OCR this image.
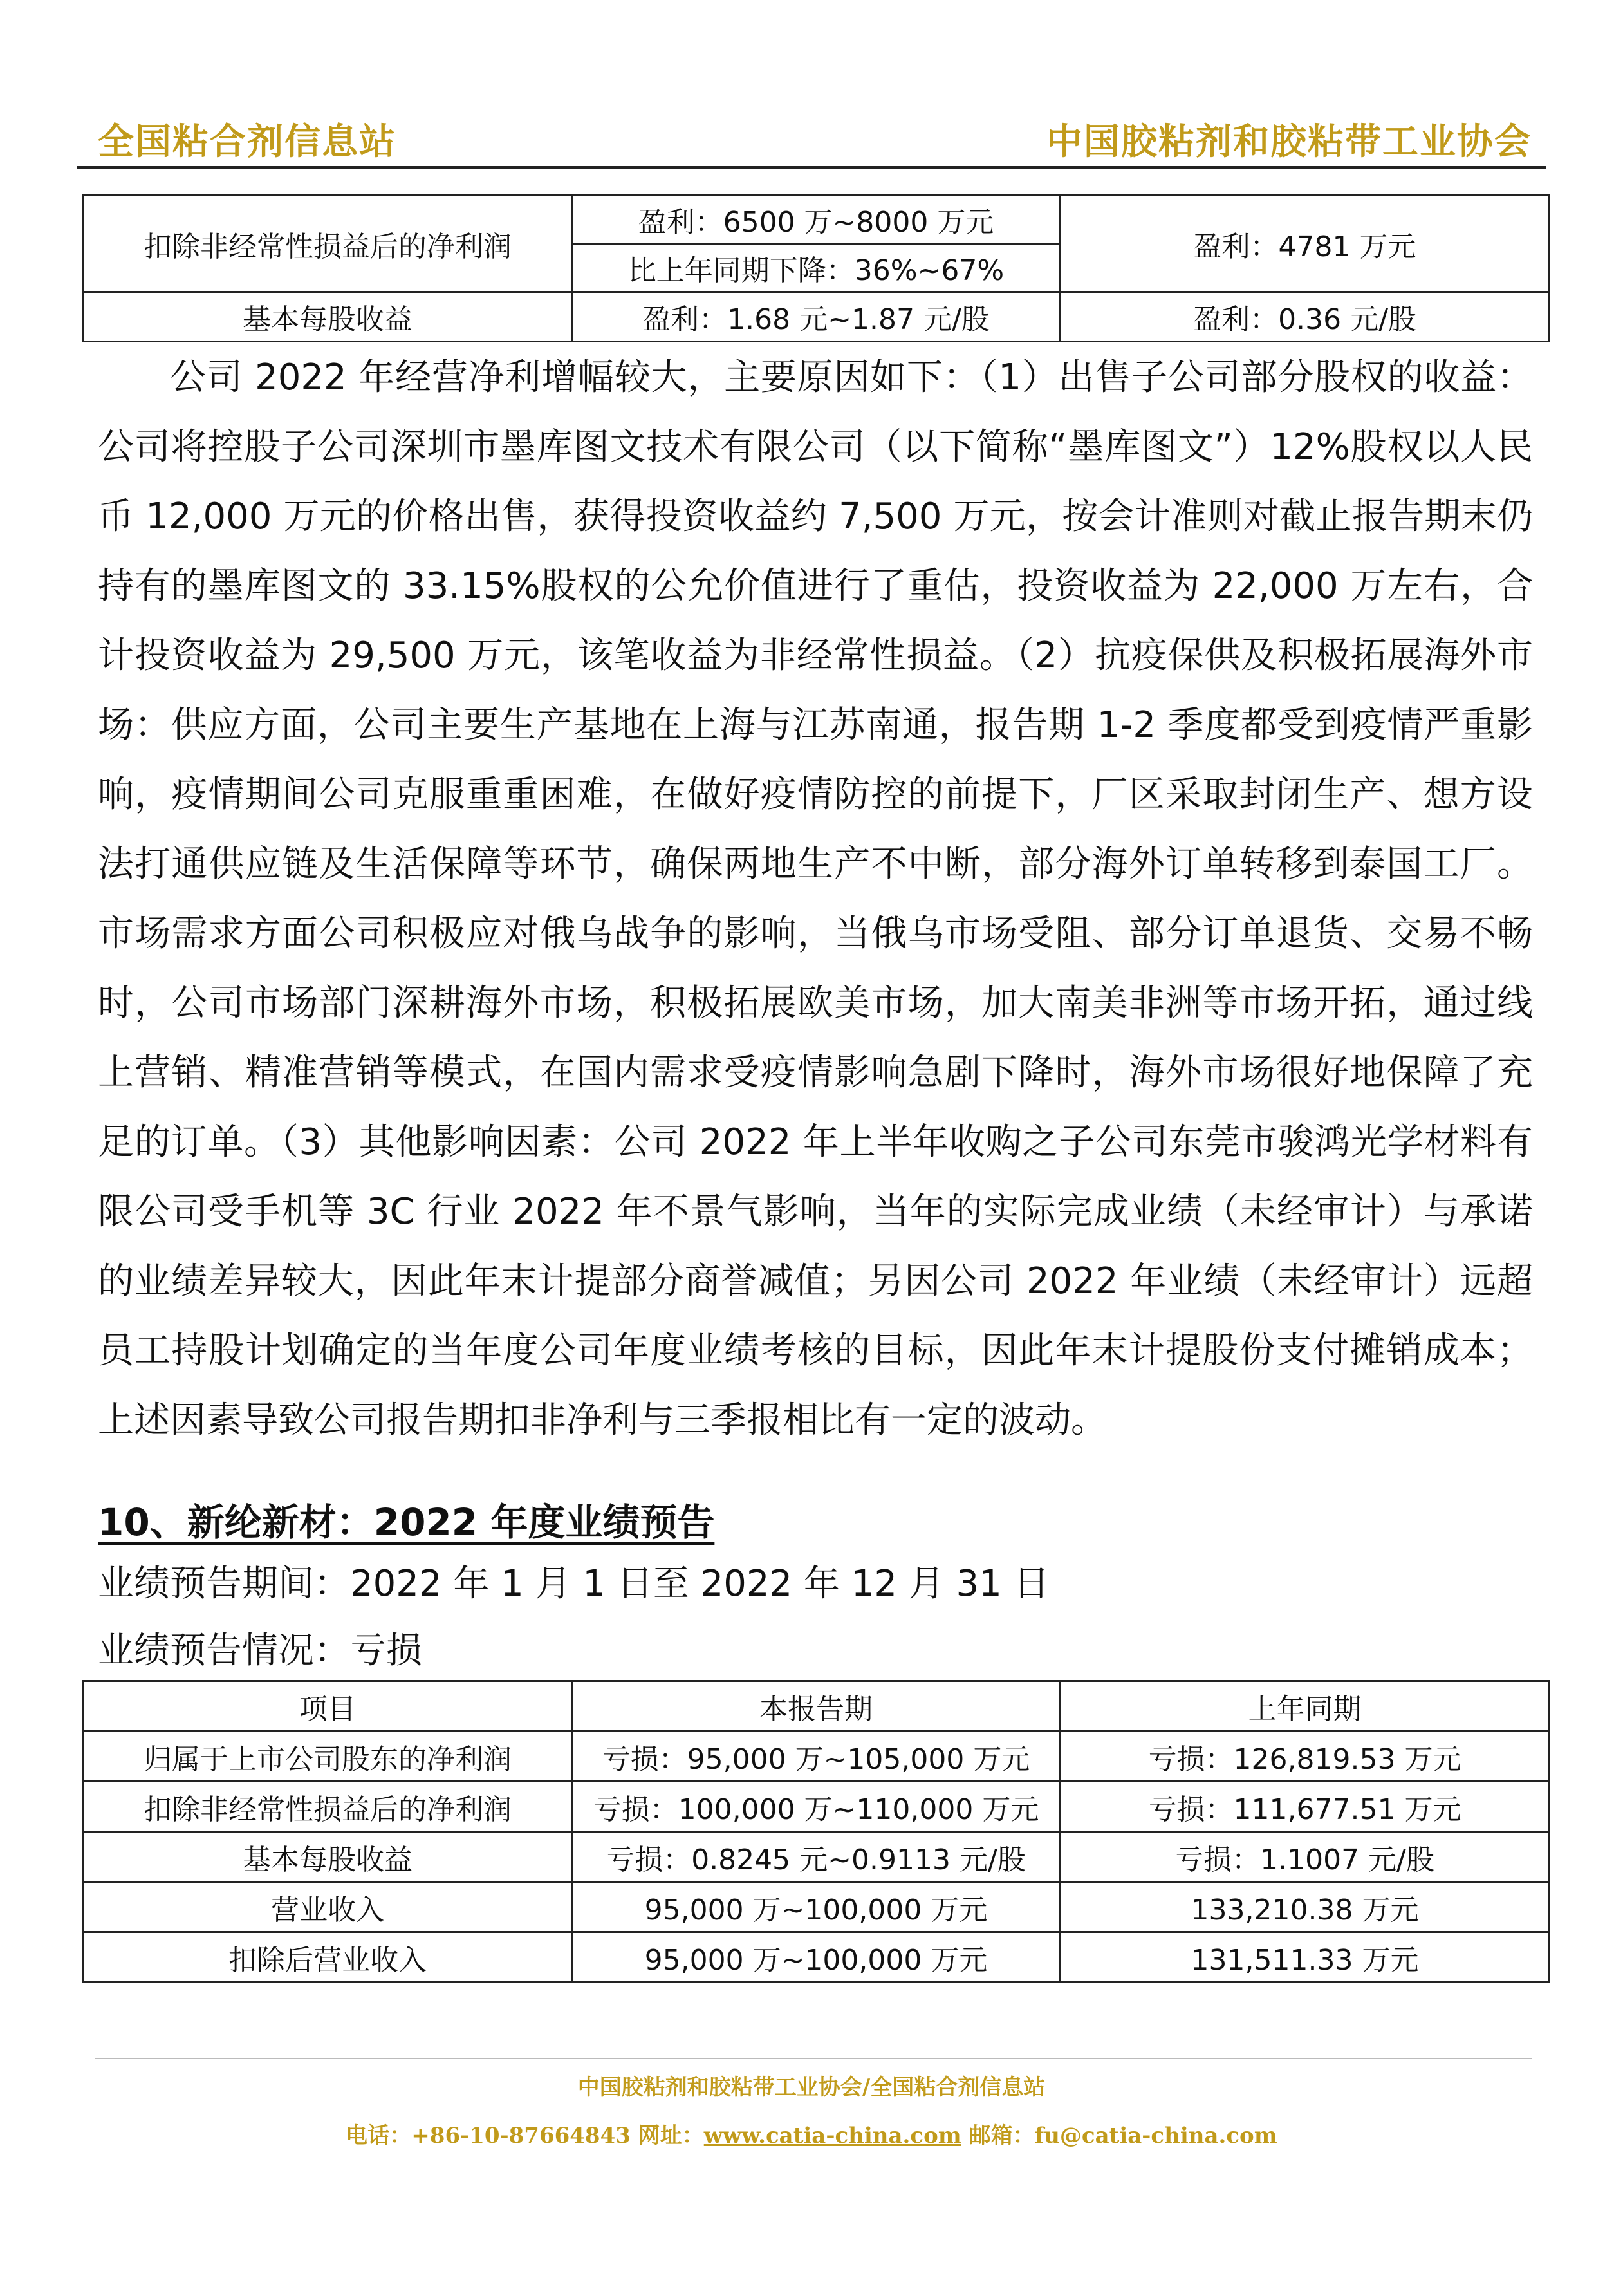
全国粘合剂信息站	中国胶粘剂和胶粘带工业协会
扣除非经常性损益后的净利润	盈利：6500 万~8000 万元	盈利：4781 万元
	比上年同期下降：36%~67%	
基本每股收益	盈利：1.68 元~1.87 元/股	盈利：0.36 元/股

公司 2022 年经营净利增幅较大，主要原因如下：（1）出售子公司部分股权的收益：公司将控股子公司深圳市墨库图文技术有限公司（以下简称“墨库图文”）12%股权以人民币 12,000 万元的价格出售，获得投资收益约 7,500 万元，按会计准则对截止报告期末仍持有的墨库图文的 33.15%股权的公允价值进行了重估，投资收益为 22,000 万左右，合计投资收益为 29,500 万元，该笔收益为非经常性损益。（2）抗疫保供及积极拓展海外市场：供应方面，公司主要生产基地在上海与江苏南通，报告期 1-2 季度都受到疫情严重影响，疫情期间公司克服重重困难，在做好疫情防控的前提下，厂区采取封闭生产、想方设法打通供应链及生活保障等环节，确保两地生产不中断，部分海外订单转移到泰国工厂。市场需求方面公司积极应对俄乌战争的影响，当俄乌市场受阻、部分订单退货、交易不畅时，公司市场部门深耕海外市场，积极拓展欧美市场，加大南美非洲等市场开拓，通过线上营销、精准营销等模式，在国内需求受疫情影响急剧下降时，海外市场很好地保障了充足的订单。（3）其他影响因素：公司 2022 年上半年收购之子公司东莞市骏鸿光学材料有限公司受手机等 3C 行业 2022 年不景气影响，当年的实际完成业绩（未经审计）与承诺的业绩差异较大，因此年末计提部分商誉减值；另因公司 2022 年业绩（未经审计）远超员工持股计划确定的当年度公司年度业绩考核的目标，因此年末计提股份支付摊销成本；上述因素导致公司报告期扣非净利与三季报相比有一定的波动。

10、新纶新材：2022 年度业绩预告

业绩预告期间：2022 年 1 月 1 日至 2022 年 12 月 31 日

业绩预告情况：亏损

项目	本报告期	上年同期
归属于上市公司股东的净利润	亏损：95,000 万~105,000 万元	亏损：126,819.53 万元
扣除非经常性损益后的净利润	亏损：100,000 万~110,000 万元	亏损：111,677.51 万元
基本每股收益	亏损：0.8245 元~0.9113 元/股	亏损：1.1007 元/股
营业收入	95,000 万~100,000 万元	133,210.38 万元
扣除后营业收入	95,000 万~100,000 万元	131,511.33 万元
中国胶粘剂和胶粘带工业协会/全国粘合剂信息站
电话：+86-10-87664843 网址：www.catia-china.com 邮箱：fu@catia-china.com
